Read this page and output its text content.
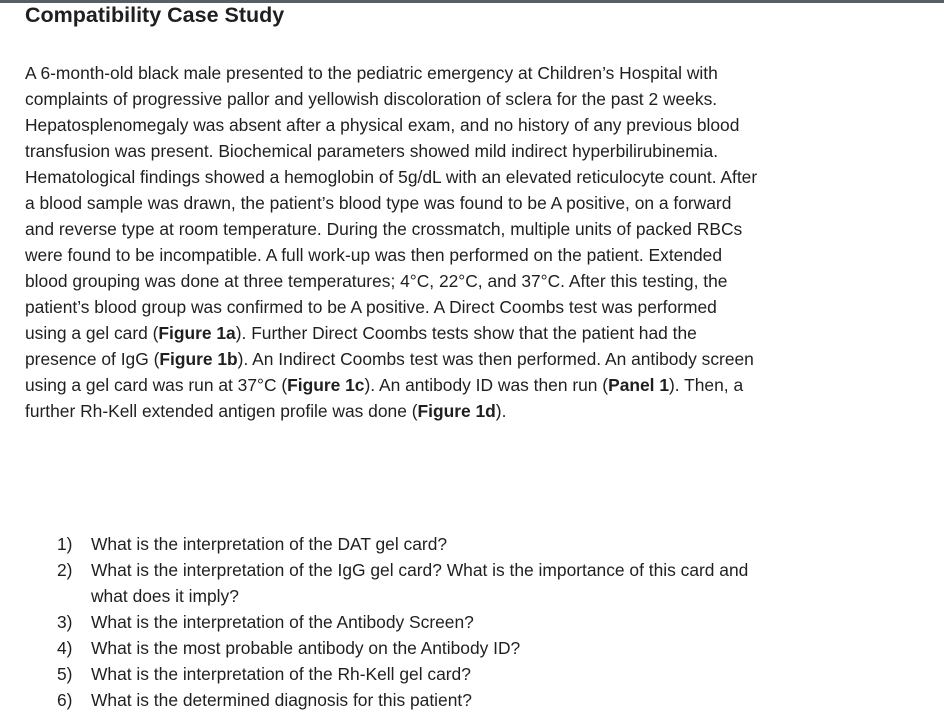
Compatibility Case Study
A 6-month-old black male presented to the pediatric emergency at Children’s Hospital with
complaints of progressive pallor and yellowish discoloration of sclera for the past 2 weeks.
Hepatosplenomegaly was absent after a physical exam, and no history of any previous blood
transfusion was present. Biochemical parameters showed mild indirect hyperbilirubinemia.
Hematological findings showed a hemoglobin of 5g/dL with an elevated reticulocyte count. After
a blood sample was drawn, the patient’s blood type was found to be A positive, on a forward
and reverse type at room temperature. During the crossmatch, multiple units of packed RBCs
were found to be incompatible. A full work-up was then performed on the patient. Extended
blood grouping was done at three temperatures; 4°C, 22°C, and 37°C. After this testing, the
patient’s blood group was confirmed to be A positive. A Direct Coombs test was performed
using a gel card (Figure 1a). Further Direct Coombs tests show that the patient had the
presence of IgG (Figure 1b). An Indirect Coombs test was then performed. An antibody screen
using a gel card was run at 37°C (Figure 1c). An antibody ID was then run (Panel 1). Then, a
further Rh-Kell extended antigen profile was done (Figure 1d).
1)	What is the interpretation of the DAT gel card?
2)	What is the interpretation of the IgG gel card? What is the importance of this card and
what does it imply?
3)	What is the interpretation of the Antibody Screen?
4)	What is the most probable antibody on the Antibody ID?
5)	What is the interpretation of the Rh-Kell gel card?
6)	What is the determined diagnosis for this patient?
